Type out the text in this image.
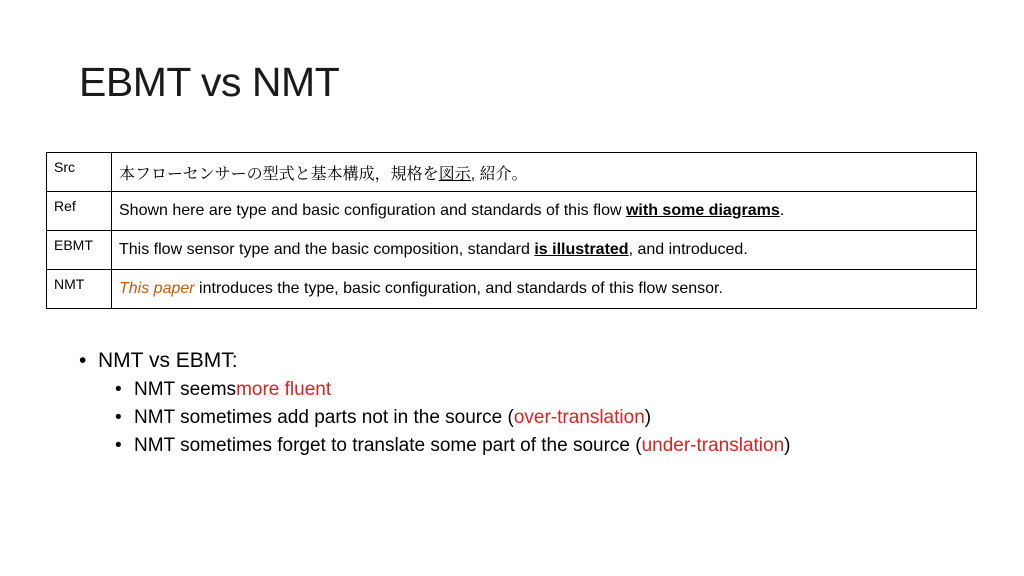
EBMT vs NMT
Src	本フローセンサーの型式と基本構成，規格を図示, 紹介。
Ref	Shown here are type and basic configuration and standards of this flow with some diagrams.
EBMT	This flow sensor type and the basic composition, standard is illustrated, and introduced.
NMT	This paper introduces the type, basic configuration, and standards of this flow sensor.
• NMT vs EBMT:
• NMT seems more fluent
• NMT sometimes add parts not in the source ( over-translation )
• NMT sometimes forget to translate some part of the source ( under-translation )
